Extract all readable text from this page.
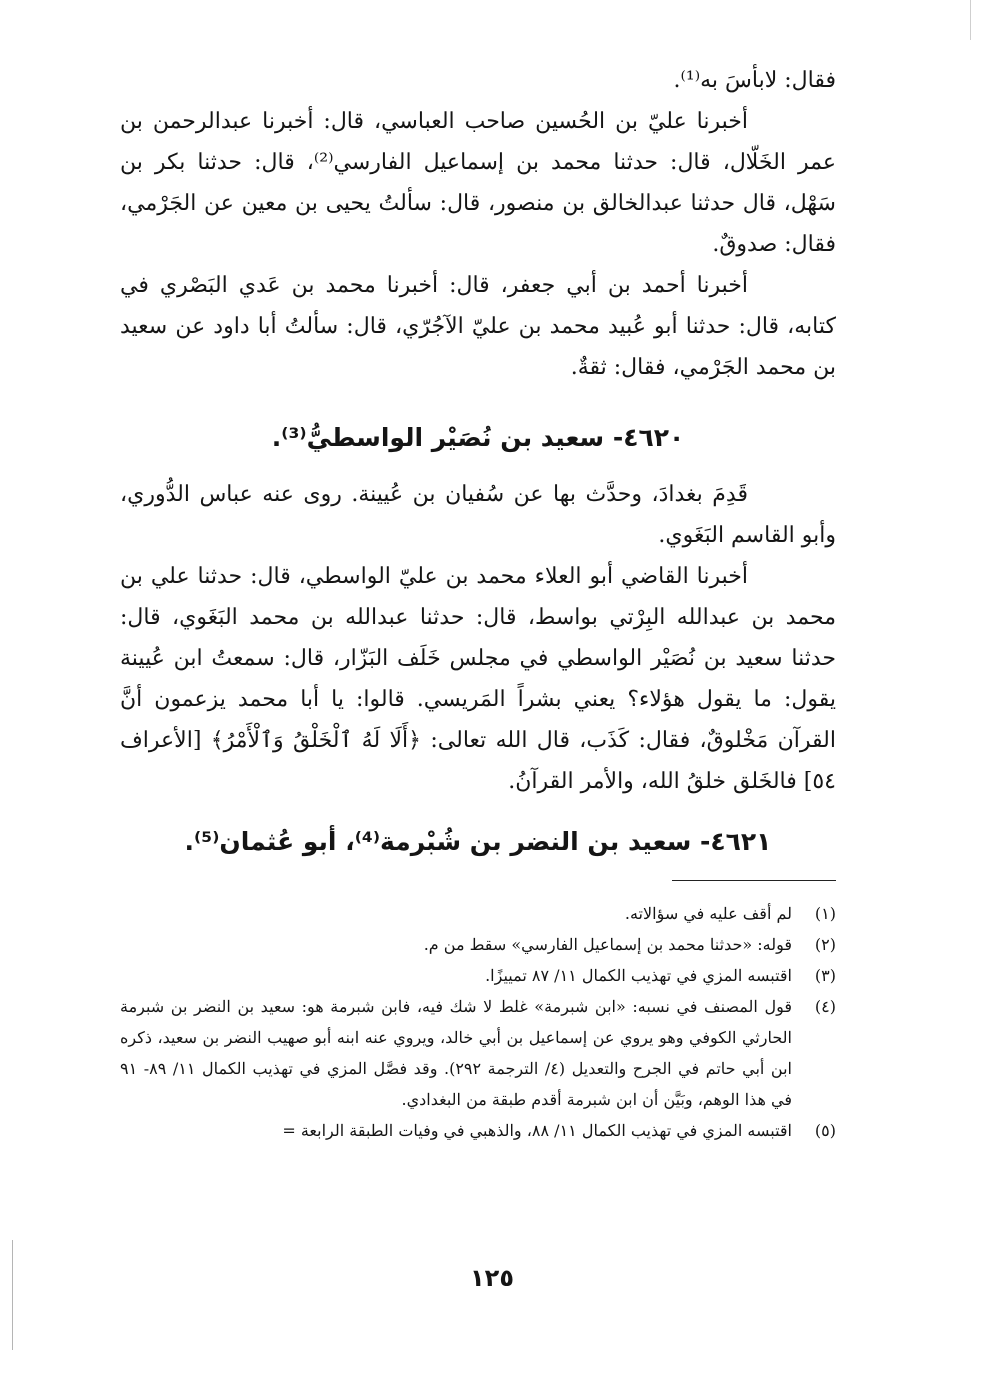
فقال: لابأسَ به⁽¹⁾.

أخبرنا عليّ بن الحُسين صاحب العباسي، قال: أخبرنا عبدالرحمن بن عمر الخَلّال، قال: حدثنا محمد بن إسماعيل الفارسي⁽²⁾، قال: حدثنا بكر بن سَهْل، قال حدثنا عبدالخالق بن منصور، قال: سألتُ يحيى بن معين عن الجَرْمي، فقال: صدوقٌ.

أخبرنا أحمد بن أبي جعفر، قال: أخبرنا محمد بن عَدي البَصْري في كتابه، قال: حدثنا أبو عُبيد محمد بن عليّ الآجُرّي، قال: سألتُ أبا داود عن سعيد بن محمد الجَرْمي، فقال: ثقةٌ.

٤٦٢٠- سعيد بن نُصَيْر الواسطيُّ⁽³⁾.

قَدِمَ بغدادَ، وحدَّث بها عن سُفيان بن عُيينة. روى عنه عباس الدُّوري، وأبو القاسم البَغَوي.

أخبرنا القاضي أبو العلاء محمد بن عليّ الواسطي، قال: حدثنا علي بن محمد بن عبدالله البِرْتي بواسط، قال: حدثنا عبدالله بن محمد البَغَوي، قال: حدثنا سعيد بن نُصَيْر الواسطي في مجلس خَلَف البَزّار، قال: سمعتُ ابن عُيينة يقول: ما يقول هؤلاء؟ يعني بشراً المَريسي. قالوا: يا أبا محمد يزعمون أنَّ القرآن مَخْلوقٌ، فقال: كَذَب، قال الله تعالى: ﴿أَلَا لَهُ ٱلْخَلْقُ وَٱلْأَمْرُ﴾ [الأعراف ٥٤] فالخَلق خلقُ الله، والأمر القرآنُ.

٤٦٢١- سعيد بن النضر بن شُبْرمة⁽⁴⁾، أبو عُثمان⁽⁵⁾.
(١)
لم أقف عليه في سؤالاته.
(٢)
قوله: «حدثنا محمد بن إسماعيل الفارسي» سقط من م.
(٣)
اقتبسه المزي في تهذيب الكمال ١١/ ٨٧ تمييزًا.
(٤)
قول المصنف في نسبه: «ابن شبرمة» غلط لا شك فيه، فابن شبرمة هو: سعيد بن النضر بن شبرمة الحارثي الكوفي وهو يروي عن إسماعيل بن أبي خالد، ويروي عنه ابنه أبو صهيب النضر بن سعيد، ذكره ابن أبي حاتم في الجرح والتعديل (٤/ الترجمة ٢٩٢). وقد فصَّل المزي في تهذيب الكمال ١١/ ٨٩- ٩١ في هذا الوهم، وبَيَّن أن ابن شبرمة أقدم طبقة من البغدادي.
(٥)
اقتبسه المزي في تهذيب الكمال ١١/ ٨٨، والذهبي في وفيات الطبقة الرابعة =
١٢٥
